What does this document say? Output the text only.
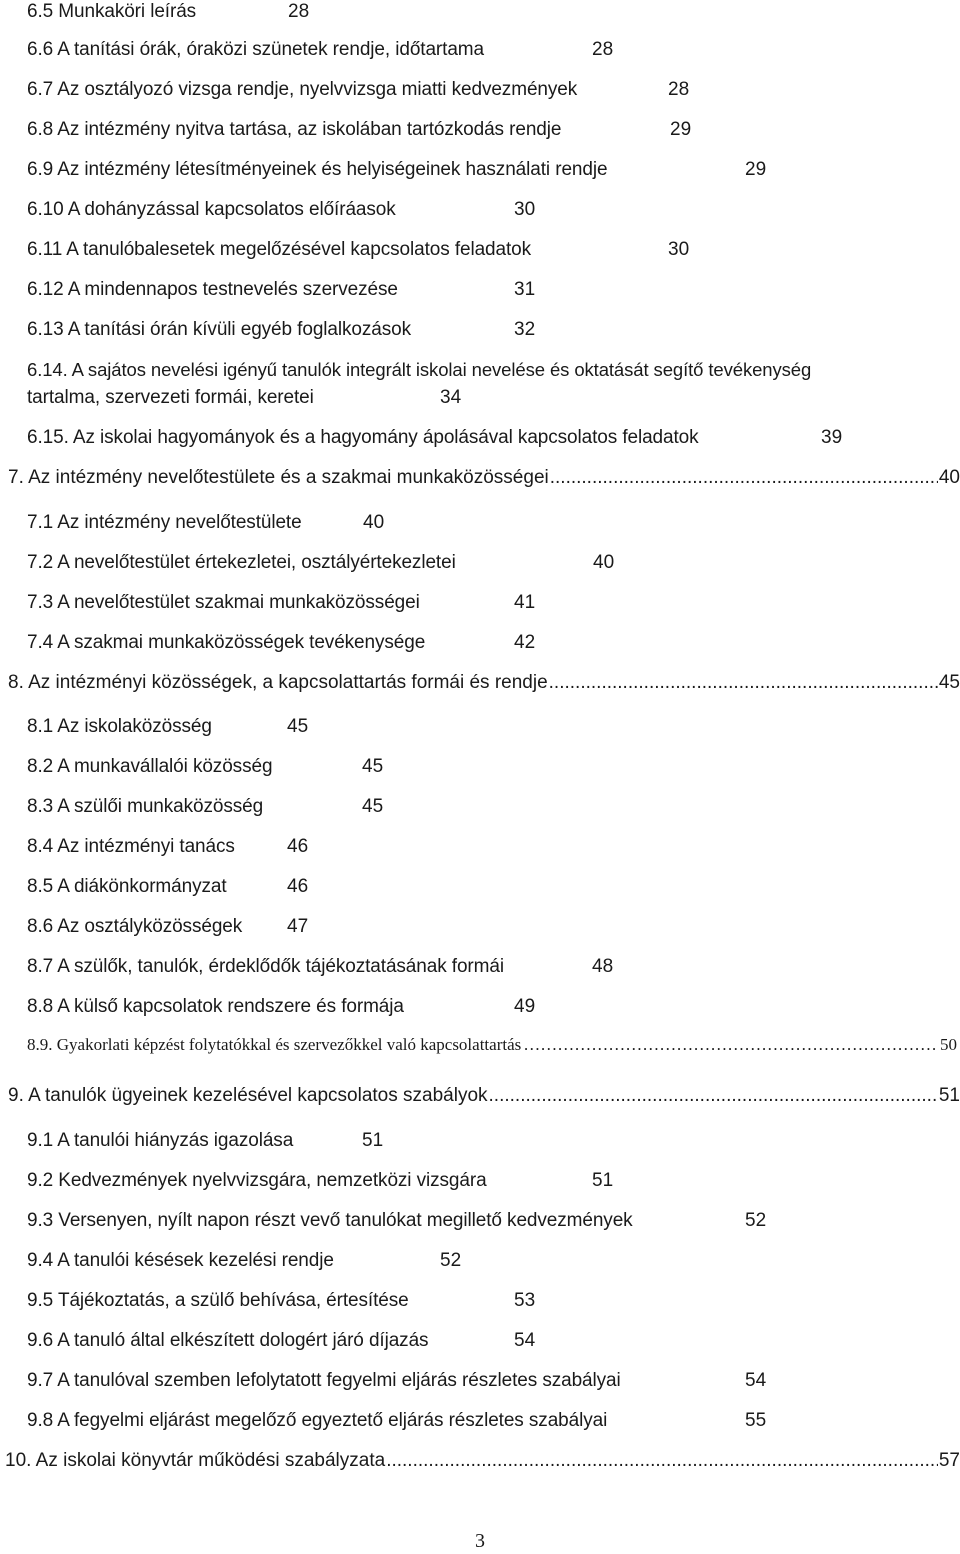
6.5 Munkaköri leírás	28
6.6 A tanítási órák, óraközi szünetek rendje, időtartama	28
6.7 Az osztályozó vizsga rendje, nyelvvizsga miatti kedvezmények	28
6.8 Az intézmény nyitva tartása, az iskolában tartózkodás rendje	29
6.9 Az intézmény létesítményeinek és helyiségeinek használati rendje	29
6.10 A dohányzással kapcsolatos előíráasok	30
6.11 A tanulóbalesetek megelőzésével kapcsolatos feladatok	30
6.12 A mindennapos testnevelés szervezése	31
6.13 A tanítási órán kívüli egyéb foglalkozások	32
6.14. A sajátos nevelési igényű tanulók integrált iskolai nevelése és oktatását segítő tevékenység
tartalma, szervezeti formái, keretei	34
6.15. Az iskolai hagyományok és a hagyomány ápolásával kapcsolatos feladatok	39
7. Az intézmény nevelőtestülete és a szakmai munkaközösségei .....	40
7.1 Az intézmény nevelőtestülete	40
7.2 A nevelőtestület értekezletei, osztályértekezletei	40
7.3 A nevelőtestület szakmai munkaközösségei	41
7.4 A szakmai munkaközösségek tevékenysége	42
8. Az intézményi közösségek, a kapcsolattartás formái és rendje .....	45
8.1 Az iskolaközösség	45
8.2 A munkavállalói közösség	45
8.3 A szülői munkaközösség	45
8.4 Az intézményi tanács	46
8.5 A diákönkormányzat	46
8.6 Az osztályközösségek 47
8.7 A szülők, tanulók, érdeklődők tájékoztatásának formái	48
8.8 A külső kapcsolatok rendszere és formája	49
8.9. Gyakorlati képzést folytatókkal és szervezőkkel való kapcsolattartás ……………………………………………………………………………………………………………	50
9. A tanulók ügyeinek kezelésével kapcsolatos szabályok .....	51
9.1 A tanulói hiányzás igazolása	51
9.2 Kedvezmények nyelvvizsgára, nemzetközi vizsgára	51
9.3 Versenyen, nyílt napon részt vevő tanulókat megillető kedvezmények	52
9.4 A tanulói késések kezelési rendje	52
9.5 Tájékoztatás, a szülő behívása, értesítése	53
9.6 A tanuló által elkészített dologért járó díjazás	54
9.7 A tanulóval szemben lefolytatott fegyelmi eljárás részletes szabályai	54
9.8 A fegyelmi eljárást megelőző egyeztető eljárás részletes szabályai	55
10. Az iskolai könyvtár működési szabályzata .....	57
3
